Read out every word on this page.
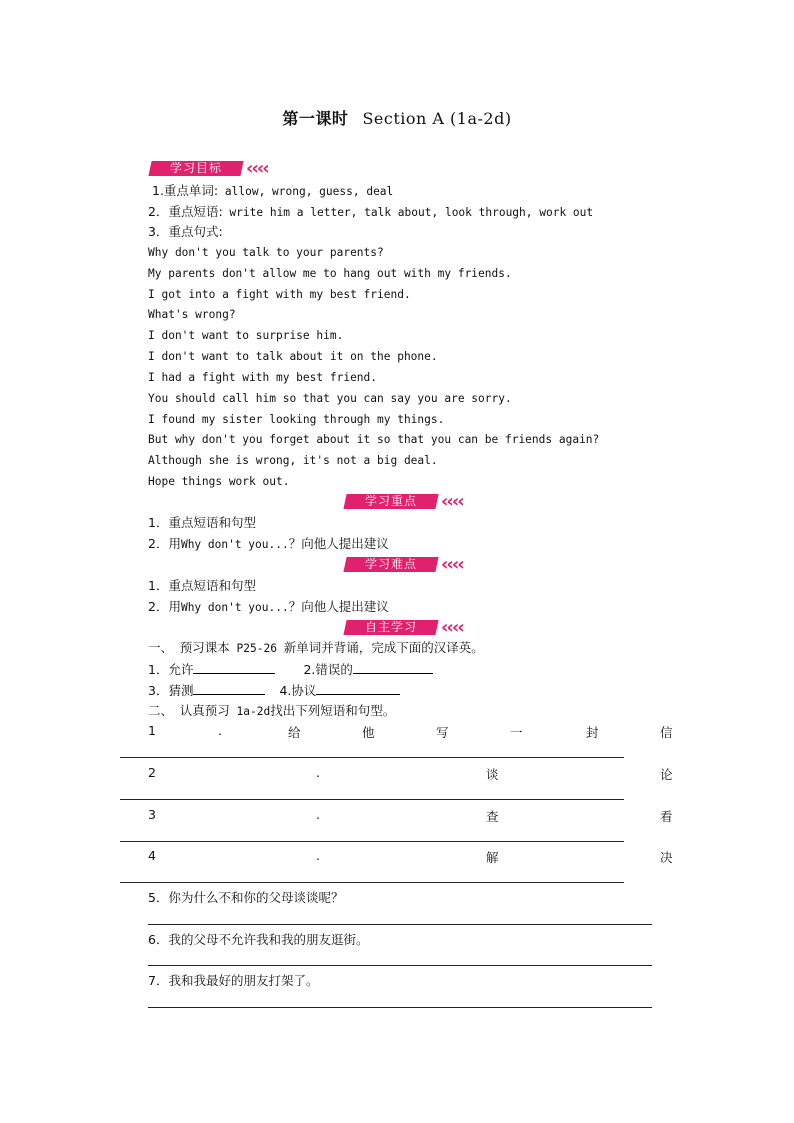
第一课时 Section A (1a-2d)
学习目标	‹‹‹‹
1.重点单词: allow, wrong, guess, deal
2．重点短语: write him a letter, talk about, look through, work out
3．重点句式:
Why don't you talk to your parents?
My parents don't allow me to hang out with my friends.
I got into a fight with my best friend.
What's wrong?
I don't want to surprise him.
I don't want to talk about it on the phone.
I had a fight with my best friend.
You should call him so that you can say you are sorry.
I found my sister looking through my things.
But why don't you forget about it so that you can be friends again?
Although she is wrong, it's not a big deal.
Hope things work out.
学习重点	‹‹‹‹
1．重点短语和句型
2．用Why don't you...？向他人提出建议
学习难点	‹‹‹‹
1．重点短语和句型
2．用Why don't you...？向他人提出建议
自主学习	‹‹‹‹
一、 预习课本 P25-26 新单词并背诵，完成下面的汉译英。
1．允许	2.错误的
3．猜测	4.协议
二、 认真预习 1a-2d找出下列短语和句型。
1	.	给	他	写	一	封	信
2	.	谈	论
3	.	查	看
4	.	解	决
5．你为什么不和你的父母谈谈呢？
6．我的父母不允许我和我的朋友逛街。
7．我和我最好的朋友打架了。
